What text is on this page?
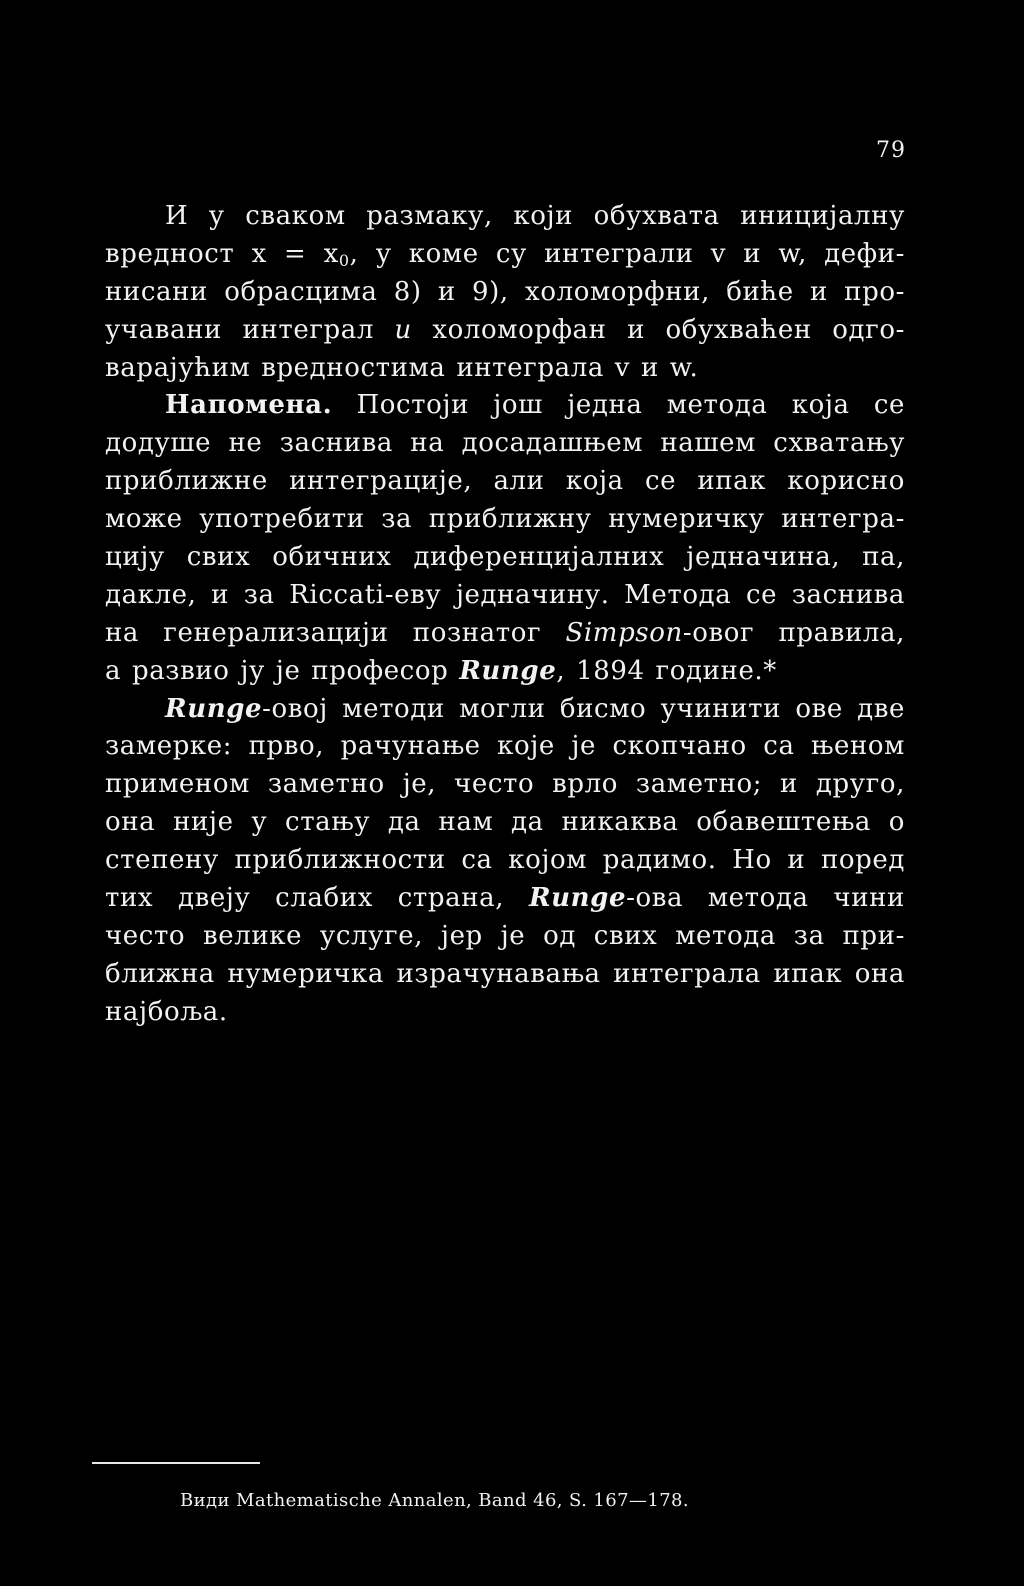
79
И у сваком размаку, који обухвата иницијалну
вредност $x = x_0$, у коме су интеграли v и w, дефи-
нисани обрасцима 8) и 9), холоморфни, биће и про-
учавани интеграл u холоморфан и обухваћен одго-
варајућим вредностима интеграла v и w.
Напомена. Постоји још једна метода која се
додуше не заснива на досадашњем нашем схватању
приближне интеграције, али која се ипак корисно
може употребити за приближну нумеричку интегра-
цију свих обичних диференцијалних једначина, па,
дакле, и за Riccati-еву једначину. Метода се заснива
на генерализацији познатог Simpson-овог правила,
а развио ју је професор Runge, 1894 године.*
Runge-овој методи могли бисмо учинити ове две
замерке: прво, рачунање које је скопчано са њеном
применом заметно је, често врло заметно; и друго,
она није у стању да нам да никаква обавештења о
степену приближности са којом радимо. Но и поред
тих двеју слабих страна, Runge-ова метода чини
често велике услуге, јер је од свих метода за при-
ближна нумеричка израчунавања интеграла ипак она
најбоља.
Види Mathematische Annalen, Band 46, S. 167—178.
